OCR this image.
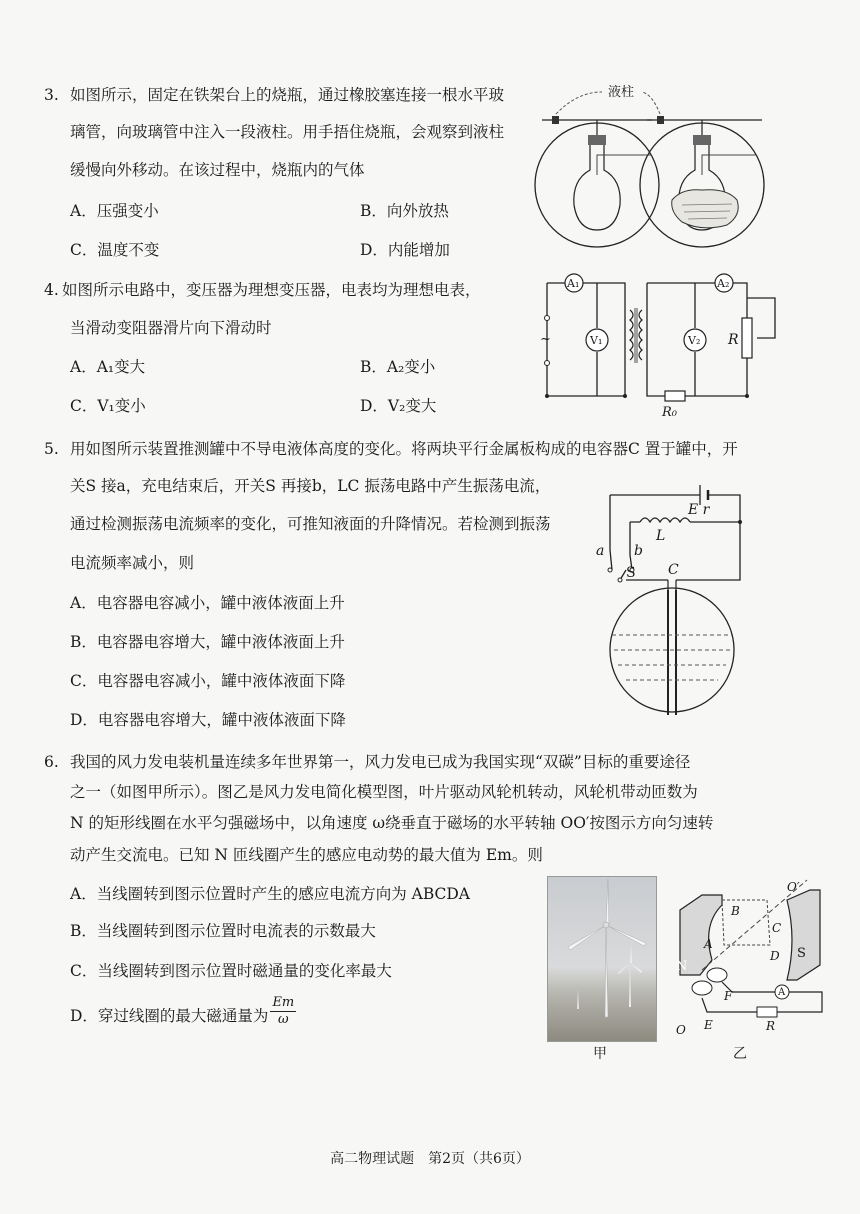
3. 如图所示，固定在铁架台上的烧瓶，通过橡胶塞连接一根水平玻
璃管，向玻璃管中注入一段液柱。用手捂住烧瓶，会观察到液柱
缓慢向外移动。在该过程中，烧瓶内的气体
A．压强变小	B．向外放热
C．温度不变	D．内能增加
液柱
4. 如图所示电路中，变压器为理想变压器，电表均为理想电表，
当滑动变阻器滑片向下滑动时
A．A₁变大	B．A₂变小
C．V₁变小	D．V₂变大
A₁	A₂
V₁	V₂ R
R₀
~
5. 用如图所示装置推测罐中不导电液体高度的变化。将两块平行金属板构成的电容器C 置于罐中，开
关S 接a，充电结束后，开关S 再接b，LC 振荡电路中产生振荡电流，
通过检测振荡电流频率的变化，可推知液面的升降情况。若检测到振荡
电流频率减小，则
A．电容器电容减小，罐中液体液面上升
B．电容器电容增大，罐中液体液面上升
C．电容器电容减小，罐中液体液面下降
D．电容器电容增大，罐中液体液面下降
E r
L
a b
S C
6. 我国的风力发电装机量连续多年世界第一，风力发电已成为我国实现“双碳”目标的重要途径
之一（如图甲所示）。图乙是风力发电简化模型图，叶片驱动风轮机转动，风轮机带动匝数为
N 的矩形线圈在水平匀强磁场中，以角速度 ω绕垂直于磁场的水平转轴 OO′按图示方向匀速转
动产生交流电。已知 N 匝线圈产生的感应电动势的最大值为 Em。则
A．当线圈转到图示位置时产生的感应电流方向为 ABCDA
B．当线圈转到图示位置时电流表的示数最大
C．当线圈转到图示位置时磁通量的变化率最大
D．穿过线圈的最大磁通量为 $\frac{Em}{\omega}$
N
S
A
B
C
D
O′
O E
F
R
A
甲	乙
高二物理试题　第2页（共6页）
